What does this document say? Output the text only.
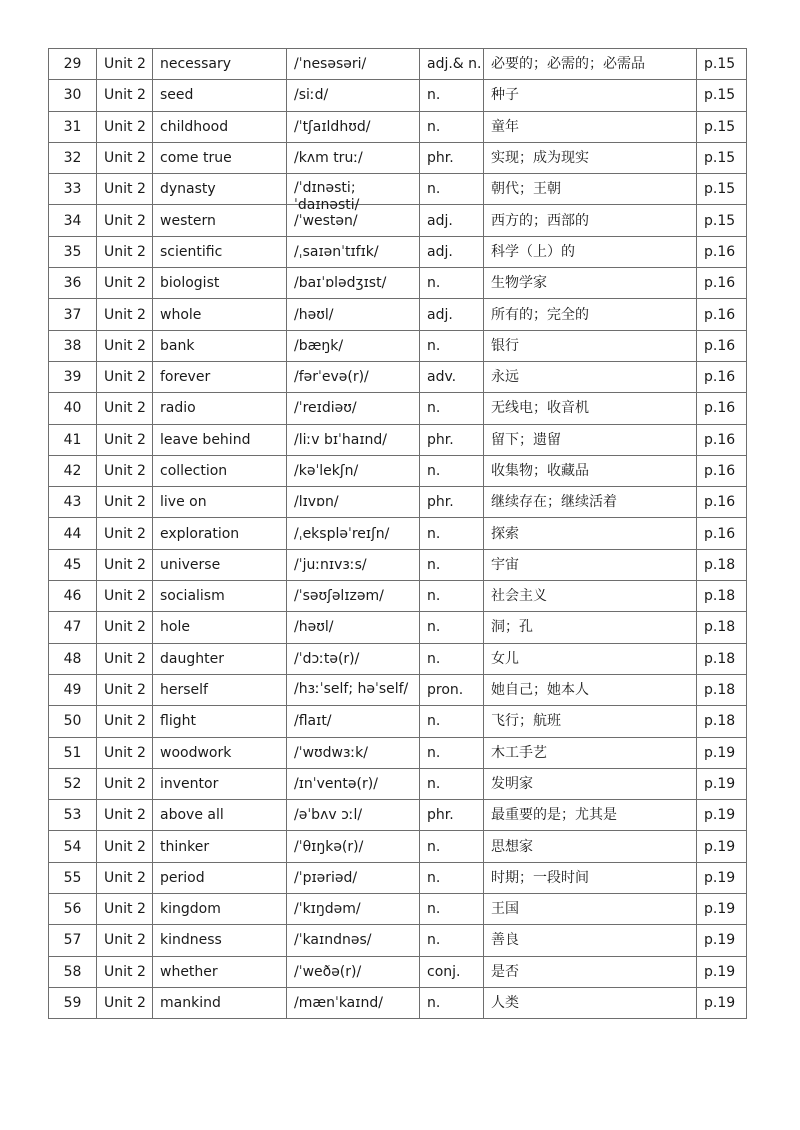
29	Unit 2	necessary	/ˈnesəsəri/	adj.& n.	必要的；必需的；必需品	p.15
30	Unit 2	seed	/siːd/	n.	种子	p.15
31	Unit 2	childhood	/ˈtʃaɪldhʊd/	n.	童年	p.15
32	Unit 2	come true	/kʌm truː/	phr.	实现；成为现实	p.15
33	Unit 2	dynasty	/ˈdɪnəsti; ˈdaɪnəsti/	n.	朝代；王朝	p.15
34	Unit 2	western	/ˈwestən/	adj.	西方的；西部的	p.15
35	Unit 2	scientific	/ˌsaɪənˈtɪfɪk/	adj.	科学（上）的	p.16
36	Unit 2	biologist	/baɪˈɒlədʒɪst/	n.	生物学家	p.16
37	Unit 2	whole	/həʊl/	adj.	所有的；完全的	p.16
38	Unit 2	bank	/bæŋk/	n.	银行	p.16
39	Unit 2	forever	/fərˈevə(r)/	adv.	永远	p.16
40	Unit 2	radio	/ˈreɪdiəʊ/	n.	无线电；收音机	p.16
41	Unit 2	leave behind	/liːv bɪˈhaɪnd/	phr.	留下；遗留	p.16
42	Unit 2	collection	/kəˈlekʃn/	n.	收集物；收藏品	p.16
43	Unit 2	live on	/lɪvɒn/	phr.	继续存在；继续活着	p.16
44	Unit 2	exploration	/ˌekspləˈreɪʃn/	n.	探索	p.16
45	Unit 2	universe	/ˈjuːnɪvɜːs/	n.	宇宙	p.18
46	Unit 2	socialism	/ˈsəʊʃəlɪzəm/	n.	社会主义	p.18
47	Unit 2	hole	/həʊl/	n.	洞；孔	p.18
48	Unit 2	daughter	/ˈdɔːtə(r)/	n.	女儿	p.18
49	Unit 2	herself	/hɜːˈself; həˈself/	pron.	她自己；她本人	p.18
50	Unit 2	flight	/flaɪt/	n.	飞行；航班	p.18
51	Unit 2	woodwork	/ˈwʊdwɜːk/	n.	木工手艺	p.19
52	Unit 2	inventor	/ɪnˈventə(r)/	n.	发明家	p.19
53	Unit 2	above all	/əˈbʌv ɔːl/	phr.	最重要的是；尤其是	p.19
54	Unit 2	thinker	/ˈθɪŋkə(r)/	n.	思想家	p.19
55	Unit 2	period	/ˈpɪəriəd/	n.	时期；一段时间	p.19
56	Unit 2	kingdom	/ˈkɪŋdəm/	n.	王国	p.19
57	Unit 2	kindness	/ˈkaɪndnəs/	n.	善良	p.19
58	Unit 2	whether	/ˈweðə(r)/	conj.	是否	p.19
59	Unit 2	mankind	/mænˈkaɪnd/	n.	人类	p.19
